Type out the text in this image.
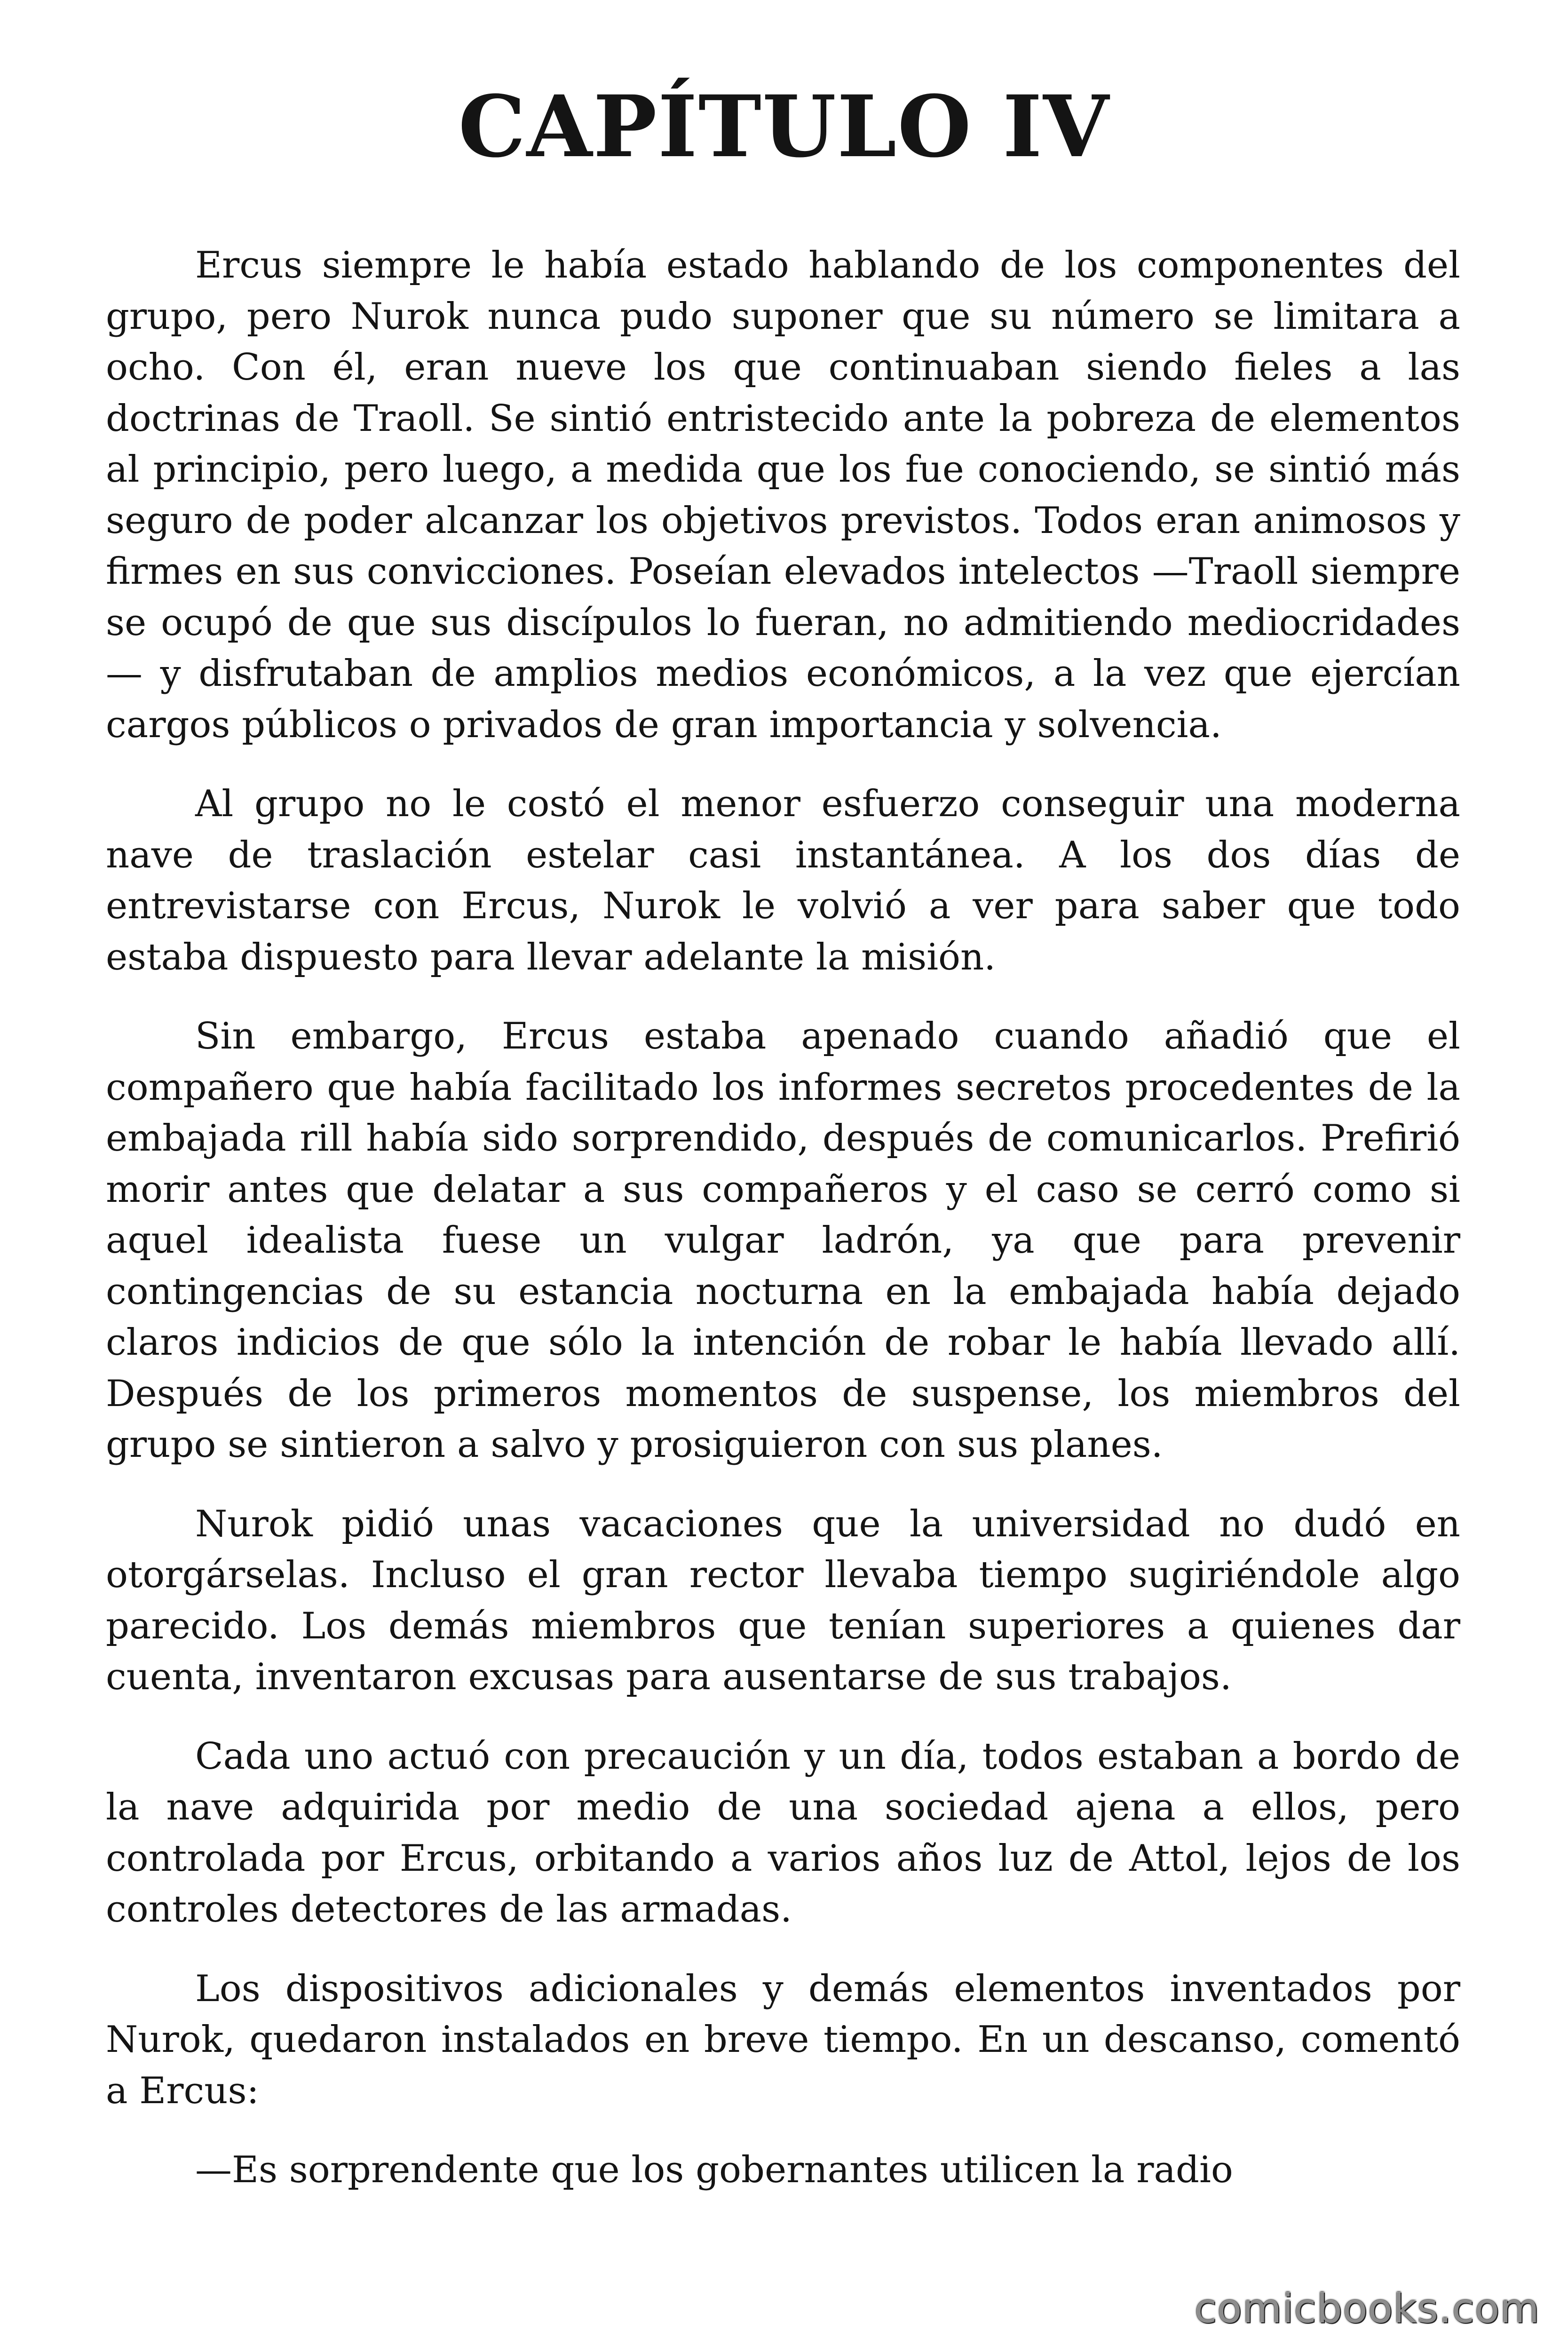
CAPÍTULO IV

Ercus siempre le había estado hablando de los componentes del grupo, pero Nurok nunca pudo suponer que su número se limitara a ocho. Con él, eran nueve los que continuaban siendo fieles a las doctrinas de Traoll. Se sintió entristecido ante la pobreza de elementos al principio, pero luego, a medida que los fue conociendo, se sintió más seguro de poder alcanzar los objetivos previstos. Todos eran animosos y firmes en sus convicciones. Poseían elevados intelectos —Traoll siempre se ocupó de que sus discípulos lo fueran, no admitiendo mediocridades— y disfrutaban de amplios medios económicos, a la vez que ejercían cargos públicos o privados de gran importancia y solvencia.

Al grupo no le costó el menor esfuerzo conseguir una moderna nave de traslación estelar casi instantánea. A los dos días de entrevistarse con Ercus, Nurok le volvió a ver para saber que todo estaba dispuesto para llevar adelante la misión.

Sin embargo, Ercus estaba apenado cuando añadió que el compañero que había facilitado los informes secretos procedentes de la embajada rill había sido sorprendido, después de comunicarlos. Prefirió morir antes que delatar a sus compañeros y el caso se cerró como si aquel idealista fuese un vulgar ladrón, ya que para prevenir contingencias de su estancia nocturna en la embajada había dejado claros indicios de que sólo la intención de robar le había llevado allí. Después de los primeros momentos de suspense, los miembros del grupo se sintieron a salvo y prosiguieron con sus planes.

Nurok pidió unas vacaciones que la universidad no dudó en otorgárselas. Incluso el gran rector llevaba tiempo sugiriéndole algo parecido. Los demás miembros que tenían superiores a quienes dar cuenta, inventaron excusas para ausentarse de sus trabajos.

Cada uno actuó con precaución y un día, todos estaban a bordo de la nave adquirida por medio de una sociedad ajena a ellos, pero controlada por Ercus, orbitando a varios años luz de Attol, lejos de los controles detectores de las armadas.

Los dispositivos adicionales y demás elementos inventados por Nurok, quedaron instalados en breve tiempo. En un descanso, comentó a Ercus:

—Es sorprendente que los gobernantes utilicen la radio

comicbooks.com
